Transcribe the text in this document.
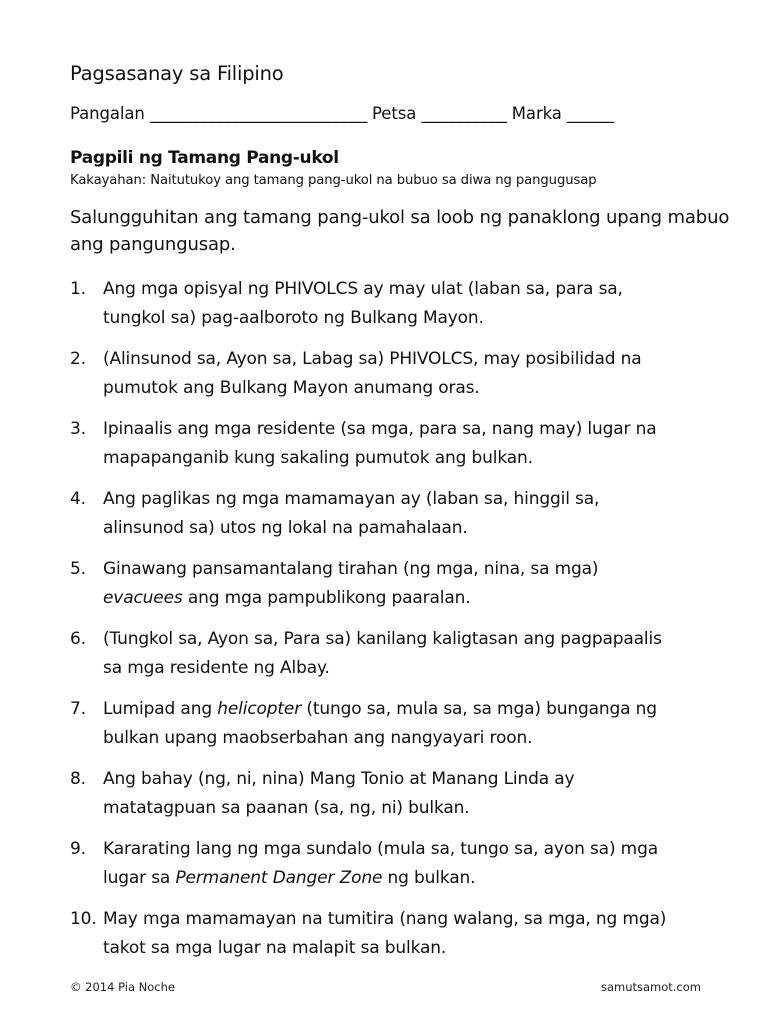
Pagsasanay sa Filipino
Pangalan ____________________________ Petsa ___________ Marka ______
Pagpili ng Tamang Pang-ukol
Kakayahan: Naitutukoy ang tamang pang-ukol na bubuo sa diwa ng pangugusap

Salungguhitan ang tamang pang-ukol sa loob ng panaklong upang mabuo ang pangungusap.

1.	Ang mga opisyal ng PHIVOLCS ay may ulat (laban sa, para sa,
tungkol sa) pag-aalboroto ng Bulkang Mayon.
2.	(Alinsunod sa, Ayon sa, Labag sa) PHIVOLCS, may posibilidad na
pumutok ang Bulkang Mayon anumang oras.
3.	Ipinaalis ang mga residente (sa mga, para sa, nang may) lugar na
mapapanganib kung sakaling pumutok ang bulkan.
4.	Ang paglikas ng mga mamamayan ay (laban sa, hinggil sa,
alinsunod sa) utos ng lokal na pamahalaan.
5.	Ginawang pansamantalang tirahan (ng mga, nina, sa mga)
evacuees ang mga pampublikong paaralan.
6.	(Tungkol sa, Ayon sa, Para sa) kanilang kaligtasan ang pagpapaalis
sa mga residente ng Albay.
7.	Lumipad ang helicopter (tungo sa, mula sa, sa mga) bunganga ng
bulkan upang maobserbahan ang nangyayari roon.
8.	Ang bahay (ng, ni, nina) Mang Tonio at Manang Linda ay
matatagpuan sa paanan (sa, ng, ni) bulkan.
9.	Kararating lang ng mga sundalo (mula sa, tungo sa, ayon sa) mga
lugar sa Permanent Danger Zone ng bulkan.
10. May mga mamamayan na tumitira (nang walang, sa mga, ng mga)
takot sa mga lugar na malapit sa bulkan.
© 2014 Pia Noche	samutsamot.com
